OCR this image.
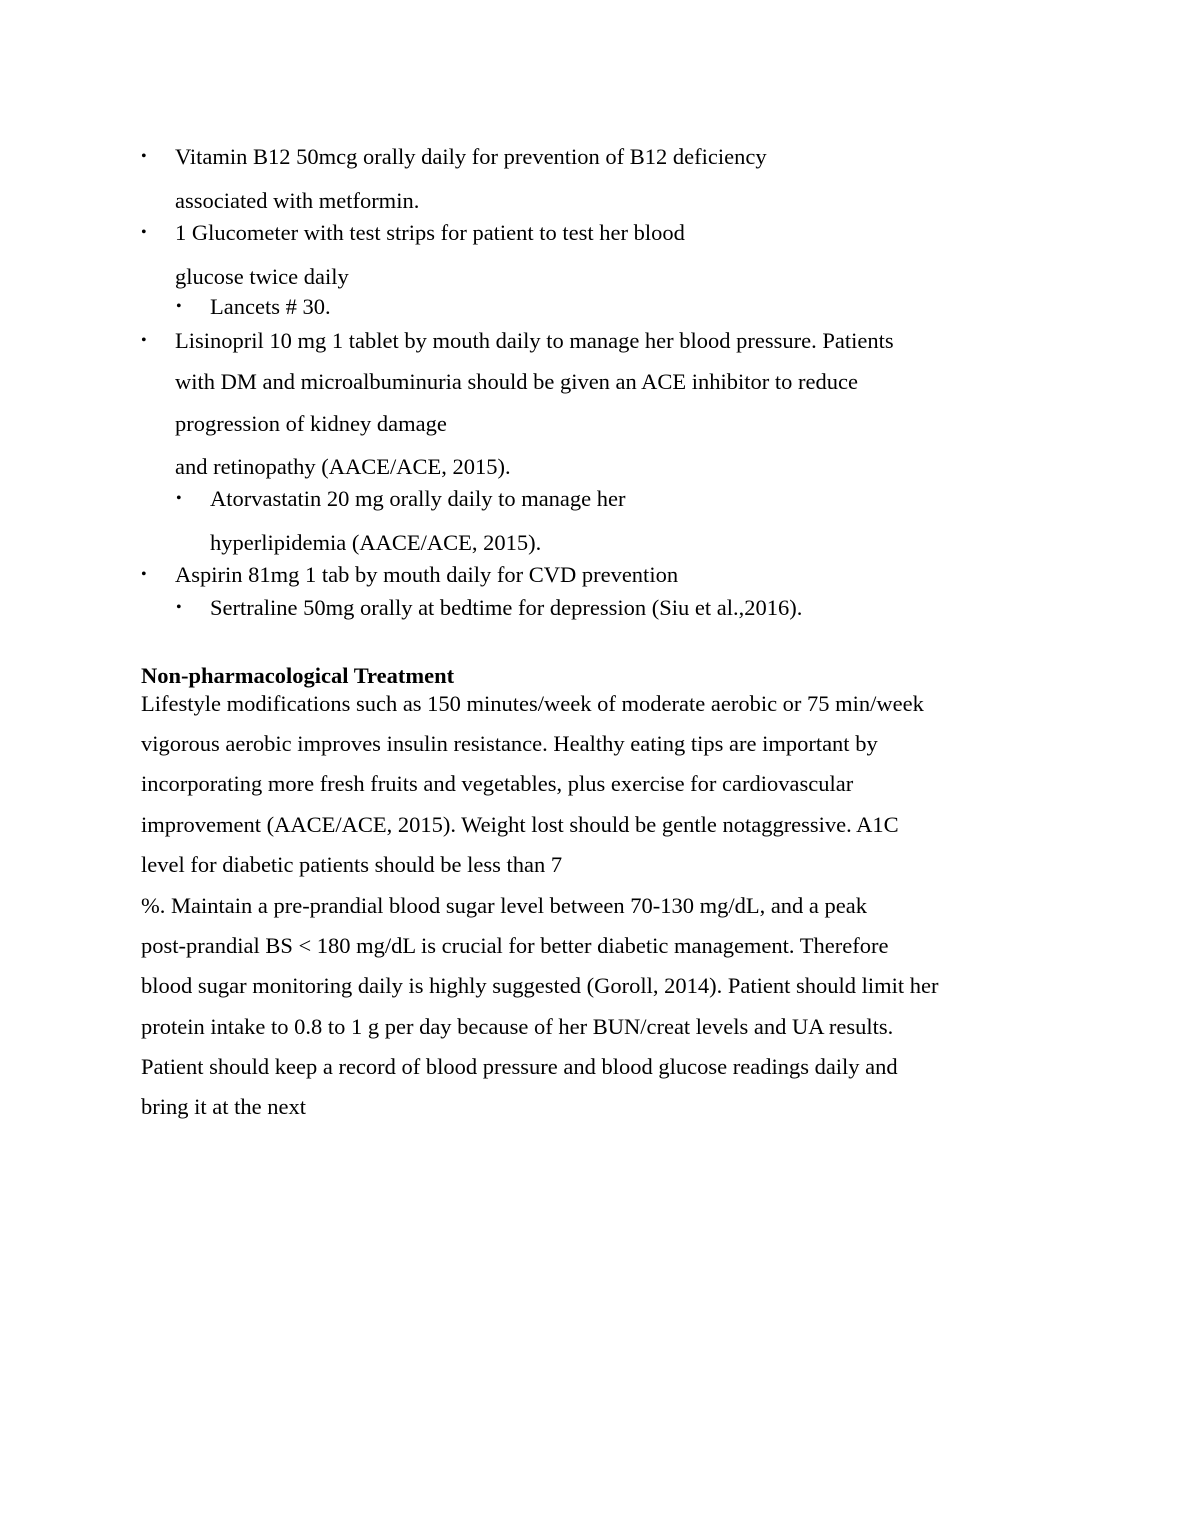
• Vitamin B12 50mcg orally daily for prevention of B12 deficiency
associated with metformin.
• 1 Glucometer with test strips for patient to test her blood
glucose twice daily
• Lancets # 30.
• Lisinopril 10 mg 1 tablet by mouth daily to manage her blood pressure. Patients
with DM and microalbuminuria should be given an ACE inhibitor to reduce
progression of kidney damage
and retinopathy (AACE/ACE, 2015).
• Atorvastatin 20 mg orally daily to manage her
hyperlipidemia (AACE/ACE, 2015).
• Aspirin 81mg 1 tab by mouth daily for CVD prevention
• Sertraline 50mg orally at bedtime for depression (Siu et al.,2016).
Non-pharmacological Treatment
Lifestyle modifications such as 150 minutes/week of moderate aerobic or 75 min/week
vigorous aerobic improves insulin resistance. Healthy eating tips are important by
incorporating more fresh fruits and vegetables, plus exercise for cardiovascular
improvement (AACE/ACE, 2015). Weight lost should be gentle notaggressive. A1C
level for diabetic patients should be less than 7
%. Maintain a pre-prandial blood sugar level between 70-130 mg/dL, and a peak
post-prandial BS < 180 mg/dL is crucial for better diabetic management. Therefore
blood sugar monitoring daily is highly suggested (Goroll, 2014). Patient should limit her
protein intake to 0.8 to 1 g per day because of her BUN/creat levels and UA results.
Patient should keep a record of blood pressure and blood glucose readings daily and
bring it at the next
